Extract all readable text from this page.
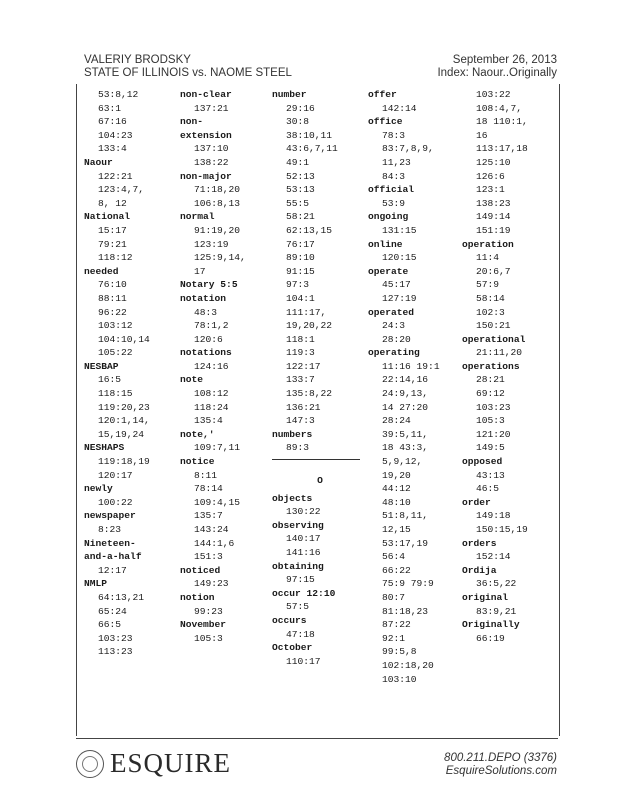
VALERIY BRODSKY
STATE OF ILLINOIS vs. NAOME STEEL
September 26, 2013
Index: Naour..Originally
53:8,12
63:1
67:16
104:23
133:4
Naour
122:21
123:4,7,
8, 12
National
15:17
79:21
118:12
needed
76:10
88:11
96:22
103:12
104:10,14
105:22
NESBAP
16:5
118:15
119:20,23
120:1,14,
15,19,24
NESHAPS
119:18,19
120:17
newly
100:22
newspaper
8:23
Nineteen-
and-a-half
12:17
NMLP
64:13,21
65:24
66:5
103:23
113:23
non-clear
137:21
non-
extension
137:10
138:22
non-major
71:18,20
106:8,13
normal
91:19,20
123:19
125:9,14,
17
Notary 5:5
notation
48:3
78:1,2
120:6
notations
124:16
note
108:12
118:24
135:4
note,'
109:7,11
notice
8:11
78:14
109:4,15
135:7
143:24
144:1,6
151:3
noticed
149:23
notion
99:23
November
105:3
number
29:16
30:8
38:10,11
43:6,7,11
49:1
52:13
53:13
55:5
58:21
62:13,15
76:17
89:10
91:15
97:3
104:1
111:17,
19,20,22
118:1
119:3
122:17
133:7
135:8,22
136:21
147:3
numbers
89:3
O
objects
130:22
observing
140:17
141:16
obtaining
97:15
occur 12:10
57:5
occurs
47:18
October
110:17
offer
142:14
office
78:3
83:7,8,9,
11,23
84:3
official
53:9
ongoing
131:15
online
120:15
operate
45:17
127:19
operated
24:3
28:20
operating
11:16 19:1
22:14,16
24:9,13,
14 27:20
28:24
39:5,11,
18 43:3,
5,9,12,
19,20
44:12
48:10
51:8,11,
12,15
53:17,19
56:4
66:22
75:9 79:9
80:7
81:18,23
87:22
92:1
99:5,8
102:18,20
103:10
103:22
108:4,7,
18 110:1,
16
113:17,18
125:10
126:6
123:1
138:23
149:14
151:19
operation
11:4
20:6,7
57:9
58:14
102:3
150:21
operational
21:11,20
operations
28:21
69:12
103:23
105:3
121:20
149:5
opposed
43:13
46:5
order
149:18
150:15,19
orders
152:14
Ordija
36:5,22
original
83:9,21
Originally
66:19
ESQUIRE	800.211.DEPO (3376)
EsquireSolutions.com
